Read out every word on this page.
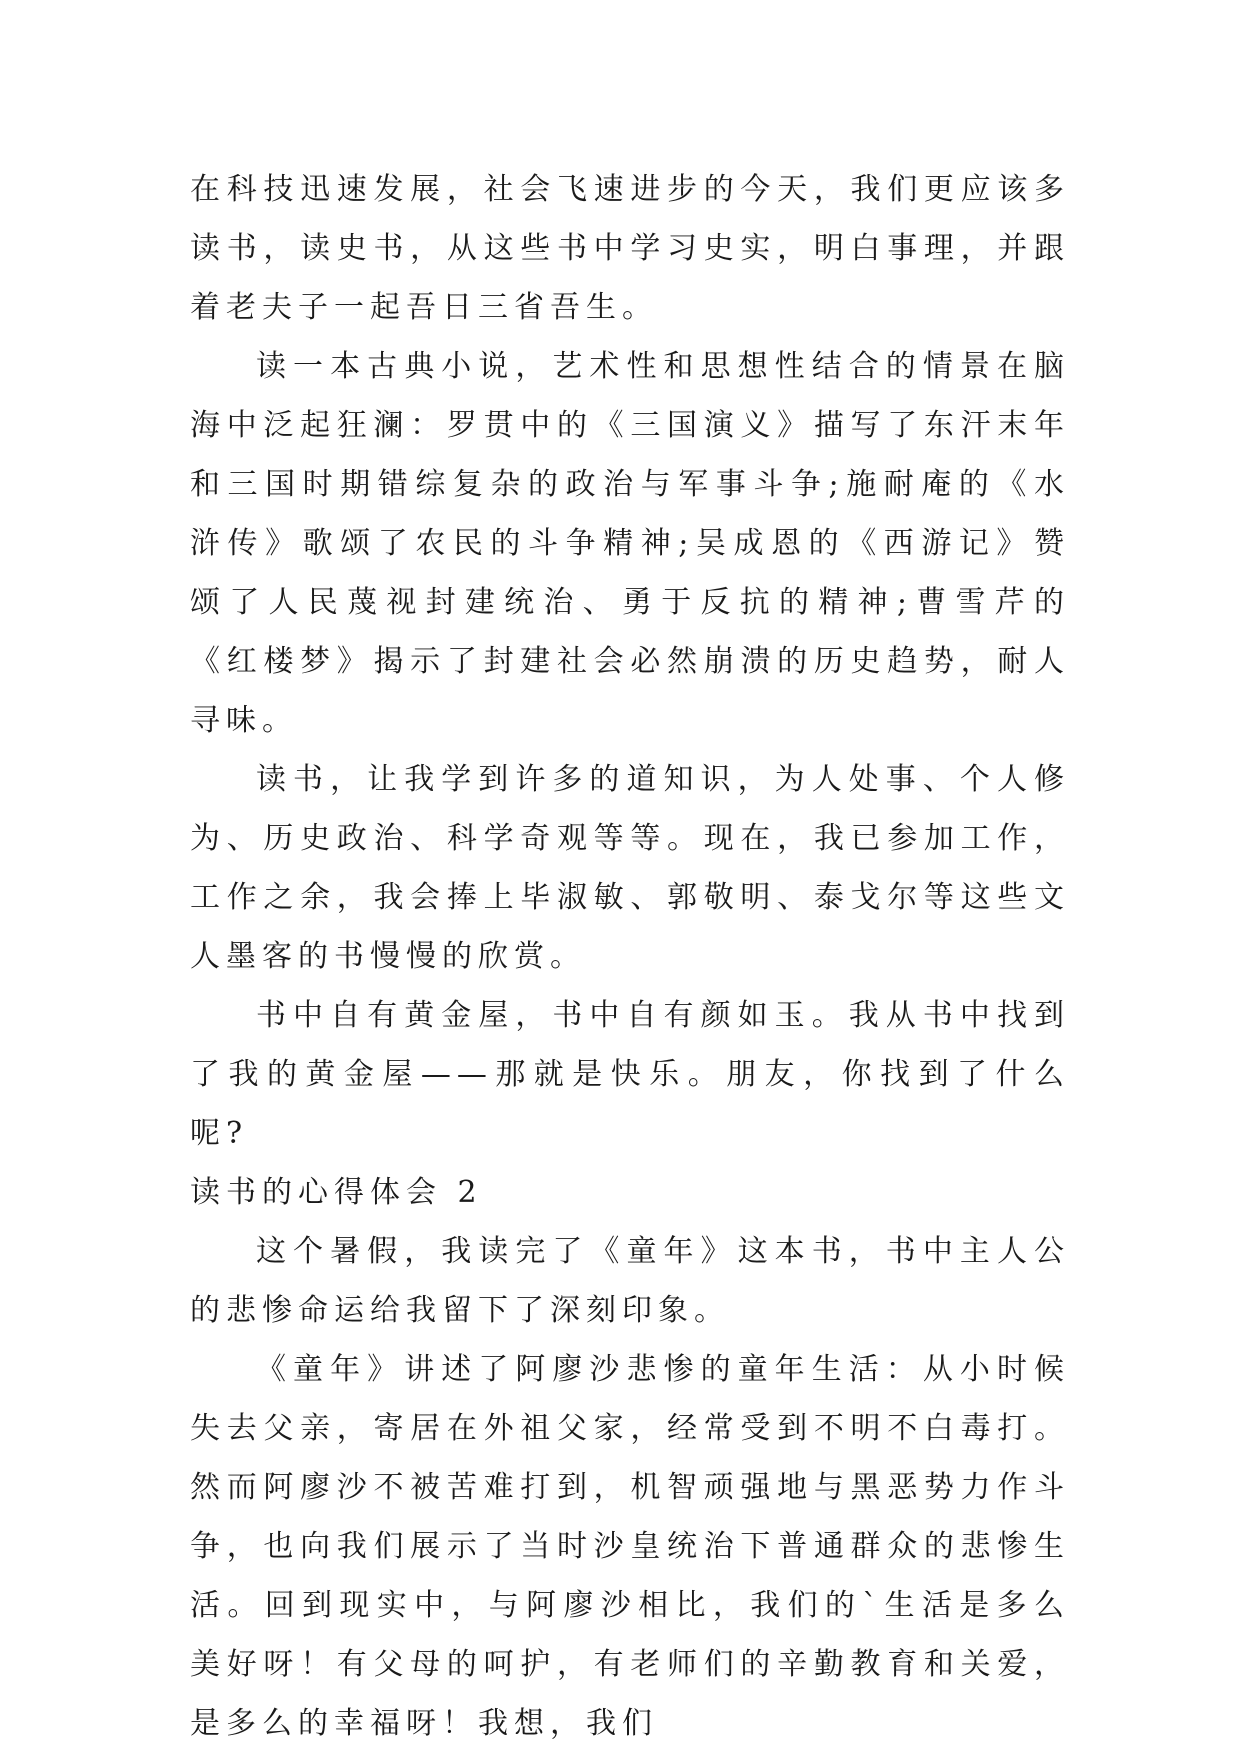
在科技迅速发展，社会飞速进步的今天，我们更应该多读书，读史书，从这些书中学习史实，明白事理，并跟着老夫子一起吾日三省吾生。

读一本古典小说，艺术性和思想性结合的情景在脑海中泛起狂澜：罗贯中的《三国演义》描写了东汗末年和三国时期错综复杂的政治与军事斗争;施耐庵的《水浒传》歌颂了农民的斗争精神;吴成恩的《西游记》赞颂了人民蔑视封建统治、勇于反抗的精神;曹雪芹的《红楼梦》揭示了封建社会必然崩溃的历史趋势，耐人寻味。

读书，让我学到许多的道知识，为人处事、个人修为、历史政治、科学奇观等等。现在，我已参加工作，工作之余，我会捧上毕淑敏、郭敬明、泰戈尔等这些文人墨客的书慢慢的欣赏。

书中自有黄金屋，书中自有颜如玉。我从书中找到了我的黄金屋——那就是快乐。朋友，你找到了什么呢?

读书的心得体会 2

这个暑假，我读完了《童年》这本书，书中主人公的悲惨命运给我留下了深刻印象。

《童年》讲述了阿廖沙悲惨的童年生活：从小时候失去父亲，寄居在外祖父家，经常受到不明不白毒打。然而阿廖沙不被苦难打到，机智顽强地与黑恶势力作斗争，也向我们展示了当时沙皇统治下普通群众的悲惨生活。回到现实中，与阿廖沙相比，我们的`生活是多么美好呀！有父母的呵护，有老师们的辛勤教育和关爱，是多么的幸福呀！我想，我们
